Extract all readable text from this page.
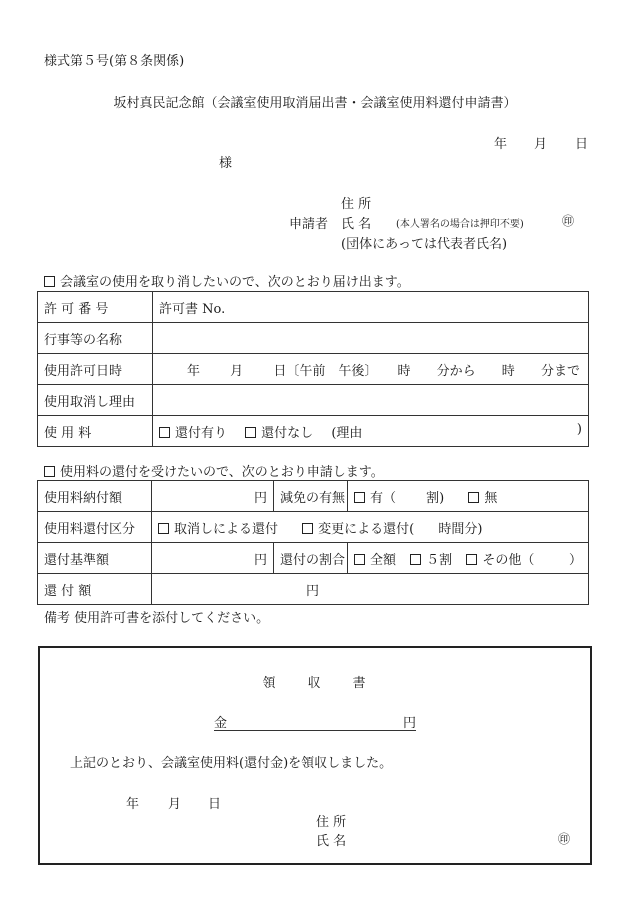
様式第５号(第８条関係)
坂村真民記念館（会議室使用取消届出書・会議室使用料還付申請書）
年 月 日
様
住 所
申請者 氏 名 (本人署名の場合は押印不要)	㊞
(団体にあっては代表者氏名)
会議室の使用を取り消したいので、次のとおり届け出ます。
許 可 番 号	許可書 No.
行事等の名称	
使用許可日時	年 月 日〔午前　午後〕 時 分から 時 分まで
使用取消し理由	
使 用 料	還付有り 還付なし (理由 )
使用料の還付を受けたいので、次のとおり申請します。
使用料納付額	円	減免の有無	有（ 割) 無
使用料還付区分	取消しによる還付 変更による還付( 時間分)		
還付基準額	円	還付の割合	全額 ５割 その他（ ）

還 付 額	円		
備考 使用許可書を添付してください。
領　　収　　書
金	円
上記のとおり、会議室使用料(還付金)を領収しました。
年 月 日
住 所
氏 名	㊞
